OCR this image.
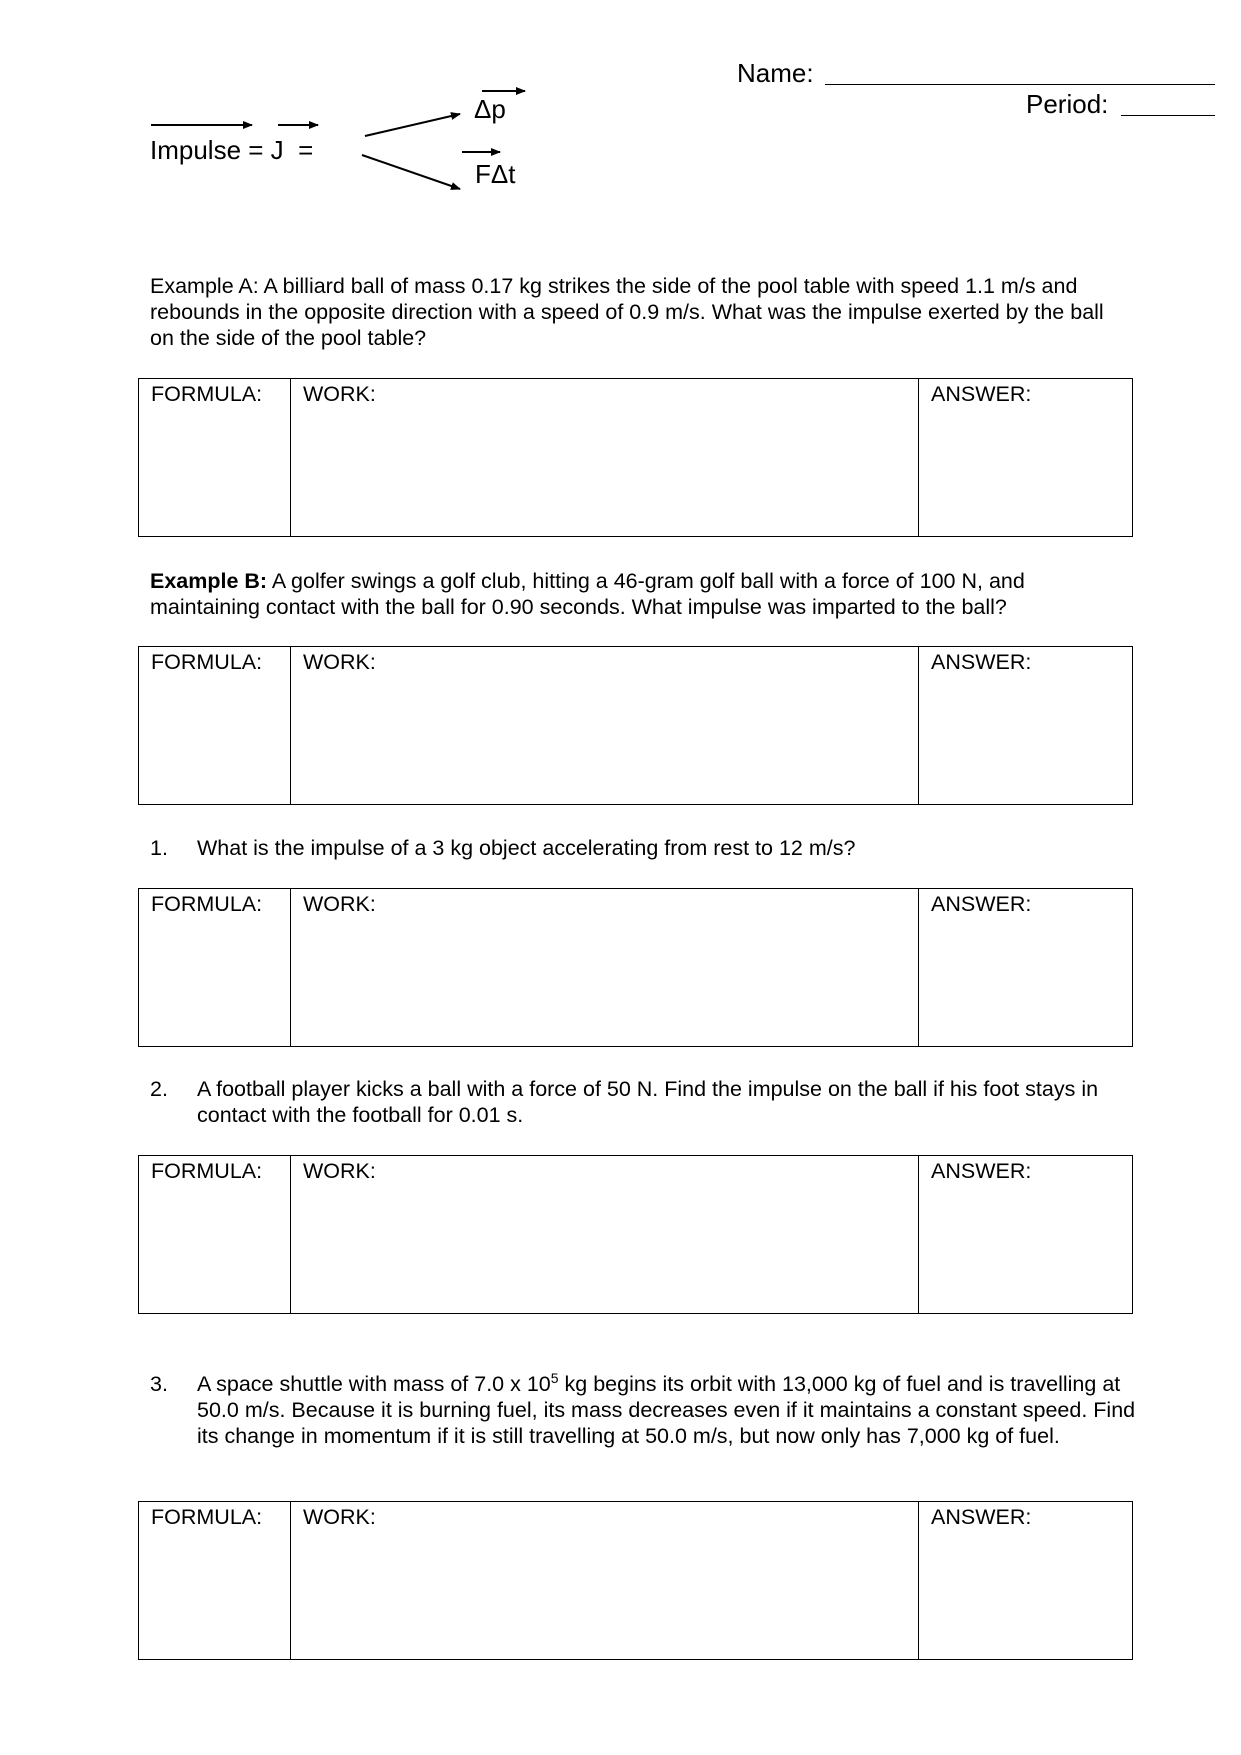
Name:
Period:
Impulse = J  =
Δp
FΔt
Example A: A billiard ball of mass 0.17 kg strikes the side of the pool table with speed 1.1 m/s and rebounds in the opposite direction with a speed of 0.9 m/s. What was the impulse exerted by the ball on the side of the pool table?
FORMULA: WORK:	ANSWER:
Example B: A golfer swings a golf club, hitting a 46-gram golf ball with a force of 100 N, and maintaining contact with the ball for 0.90 seconds. What impulse was imparted to the ball?
FORMULA: WORK:	ANSWER:
1. What is the impulse of a 3 kg object accelerating from rest to 12 m/s?
FORMULA: WORK:	ANSWER:
2. A football player kicks a ball with a force of 50 N. Find the impulse on the ball if his foot stays in contact with the football for 0.01 s.
FORMULA: WORK:	ANSWER:
3. A space shuttle with mass of 7.0 x $10^5$ kg begins its orbit with 13,000 kg of fuel and is travelling at 50.0 m/s. Because it is burning fuel, its mass decreases even if it maintains a constant speed. Find its change in momentum if it is still travelling at 50.0 m/s, but now only has 7,000 kg of fuel.
FORMULA: WORK:	ANSWER:
